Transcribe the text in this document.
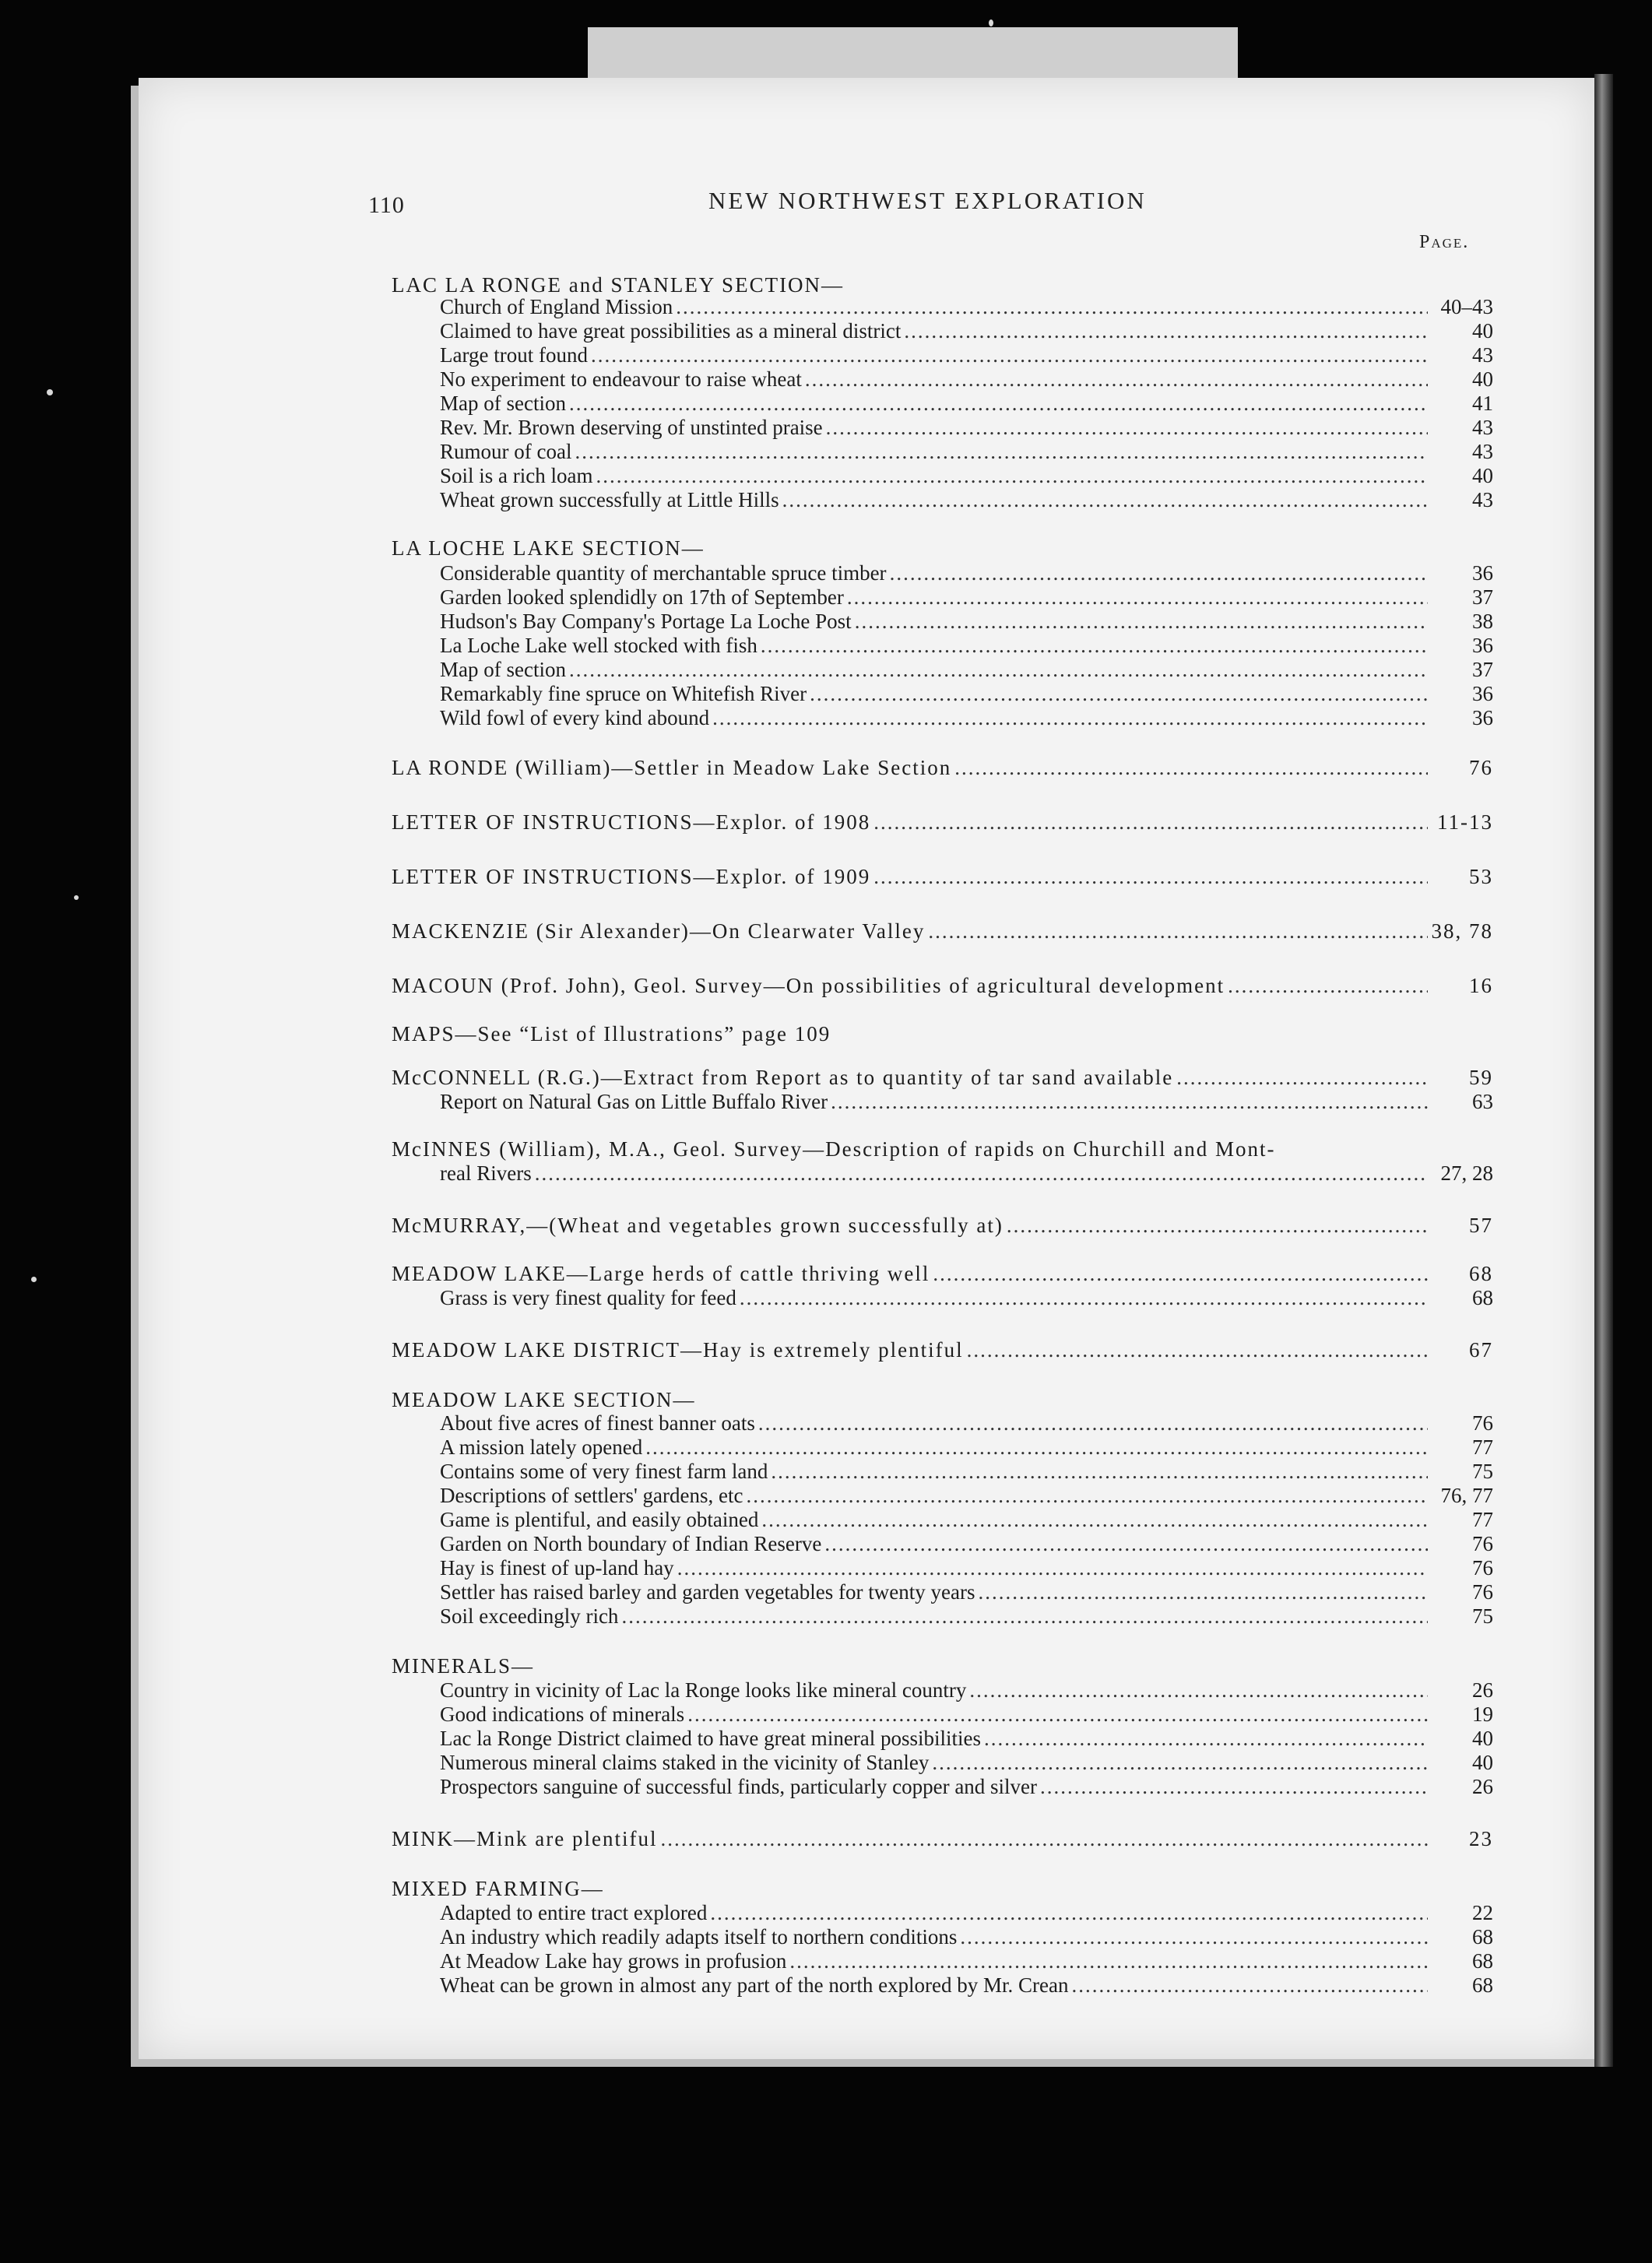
110	NEW NORTHWEST EXPLORATION
Page.
LAC LA RONGE and STANLEY SECTION—
Church of England Mission .....	40–43
Claimed to have great possibilities as a mineral district .....	40
Large trout found .....	43
No experiment to endeavour to raise wheat .....	40
Map of section .....	41
Rev. Mr. Brown deserving of unstinted praise .....	43
Rumour of coal .....	43
Soil is a rich loam .....	40
Wheat grown successfully at Little Hills .....	43
LA LOCHE LAKE SECTION—
Considerable quantity of merchantable spruce timber .....	36
Garden looked splendidly on 17th of September .....	37
Hudson's Bay Company's Portage La Loche Post .....	38
La Loche Lake well stocked with fish .....	36
Map of section .....	37
Remarkably fine spruce on Whitefish River .....	36
Wild fowl of every kind abound .....	36
LA RONDE (William)—Settler in Meadow Lake Section .....	76
LETTER OF INSTRUCTIONS—Explor. of 1908 .....	11-13
LETTER OF INSTRUCTIONS—Explor. of 1909 .....	53
MACKENZIE (Sir Alexander)—On Clearwater Valley .....	38, 78
MACOUN (Prof. John), Geol. Survey—On possibilities of agricultural development .....	16
MAPS—See “List of Illustrations” page 109
McCONNELL (R.G.)—Extract from Report as to quantity of tar sand available .....	59
Report on Natural Gas on Little Buffalo River .....	63
McINNES (William), M.A., Geol. Survey—Description of rapids on Churchill and Mont-
real Rivers .....	27, 28
McMURRAY,—(Wheat and vegetables grown successfully at) .....	57
MEADOW LAKE—Large herds of cattle thriving well .....	68
Grass is very finest quality for feed .....	68
MEADOW LAKE DISTRICT—Hay is extremely plentiful .....	67
MEADOW LAKE SECTION—
About five acres of finest banner oats .....	76
A mission lately opened .....	77
Contains some of very finest farm land .....	75
Descriptions of settlers' gardens, etc .....	76, 77
Game is plentiful, and easily obtained .....	77
Garden on North boundary of Indian Reserve .....	76
Hay is finest of up-land hay .....	76
Settler has raised barley and garden vegetables for twenty years .....	76
Soil exceedingly rich .....	75
MINERALS—
Country in vicinity of Lac la Ronge looks like mineral country .....	26
Good indications of minerals .....	19
Lac la Ronge District claimed to have great mineral possibilities .....	40
Numerous mineral claims staked in the vicinity of Stanley .....	40
Prospectors sanguine of successful finds, particularly copper and silver .....	26
MINK—Mink are plentiful .....	23
MIXED FARMING—
Adapted to entire tract explored .....	22
An industry which readily adapts itself to northern conditions .....	68
At Meadow Lake hay grows in profusion .....	68
Wheat can be grown in almost any part of the north explored by Mr. Crean .....	68
